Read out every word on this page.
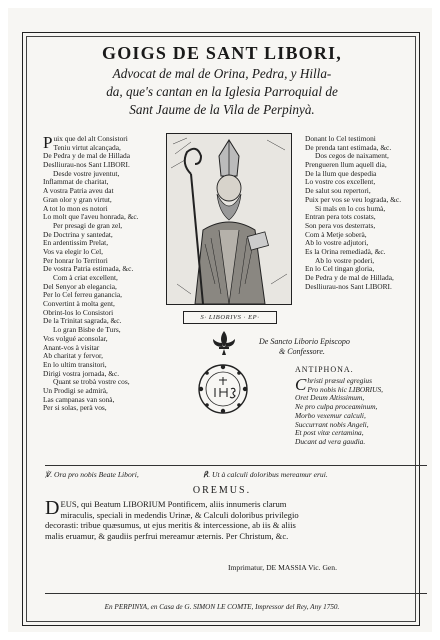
GOIGS DE SANT LIBORI,
Advocat de mal de Orina, Pedra, y Hilla-
da, que's cantan en la Iglesia Parroquial de
Sant Jaume de la Vila de Perpinyà.
P uix que del alt Consistori
Teniu virtut alcançada,
De Pedra y de mal de Hillada
Deslliurau-nos Sant LIBORI.
Desde vostre juventut,
Inflammat de charitat,
A vostra Patria aveu dat
Gran olor y gran virtut,
A tot lo mon es notori
Lo molt que l'aveu honrada, &c.
Per presagi de gran zel,
De Doctrina y santedat,
En ardentissim Prelat,
Vos va elegir lo Cel,
Per honrar lo Territori
De vostra Patria estimada, &c.
Com à criat excellent,
Del Senyor ab elegancia,
Per lo Cel ferreu ganancia,
Convertint à molta gent,
Obrint-los lo Consistori
De la Trinitat sagrada, &c.
Lo gran Bisbe de Turs,
Vos volgué aconsolar,
Anant-vos à visitar
Ab charitat y fervor,
En lo ultim transitori,
Dirigi vostra jornada, &c.
Quant se trobà vostre cos,
Un Prodigi se admirà,
Las campanas van sonà,
Per si solas, perà vos,
S· LIBORIVS · EP·
Donant lo Cel testimoni
De prenda tant estimada, &c.
Dos cegos de naixament,
Prengueren llum aquell dia,
De la llum que despedia
Lo vostre cos excellent,
De salut sou repertori,
Puix per vos se veu lograda, &c.
Si mals en lo cos humà,
Entran pera tots costats,
Son pera vos desterrats,
Com à Metje soberà,
Ab lo vostre adjutori,
Es la Orina remediadà, &c.
Ab lo vostre poderi,
En lo Cel tingan gloria,
De Pedra y de mal de Hillada,
Deslliurau-nos Sant LIBORI.
De Sancto Liborio Episcopo
& Confessore.
ANTIPHONA.
C hristi præsul egregius
Pro nobis hic LIBORIUS,
Oret Deum Altissimum,
Ne pro culpa proceaminum,
Morbo vexemur calculi,
Succurrant nobis Angeli,
Et post vitæ certamina,
Ducant ad vera gaudia.
℣. Ora pro nobis Beate Libori,	℟. Ut à calculi doloribus mereamur erui.
OREMUS.
D EUS, qui Beatum LIBORIUM Pontificem, aliis innumeris clarum
miraculis, speciali in medendis Urinæ, & Calculi doloribus privilegio
decorasti: tribue quæsumus, ut ejus meritis & intercessione, ab iis & aliis
malis eruamur, & gaudiis perfrui mereamur æternis. Per Christum, &c.
Imprimatur, DE MASSIA Vic. Gen.
En PERPINYA, en Casa de G. SIMON LE COMTE, Impressor del Rey, Any 1750.
